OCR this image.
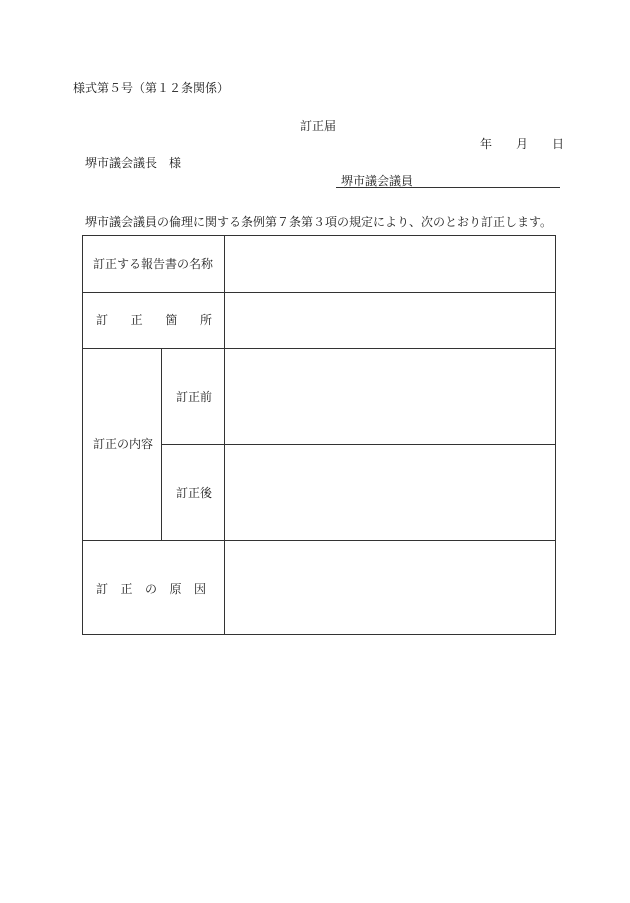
様式第５号（第１２条関係）
訂正届
年 月 日
堺市議会議長　様
堺市議会議員
堺市議会議員の倫理に関する条例第７条第３項の規定により、次のとおり訂正します。
訂正する報告書の名称
訂 正 箇 所
訂正の内容
訂正前
訂正後
訂 正 の 原 因
